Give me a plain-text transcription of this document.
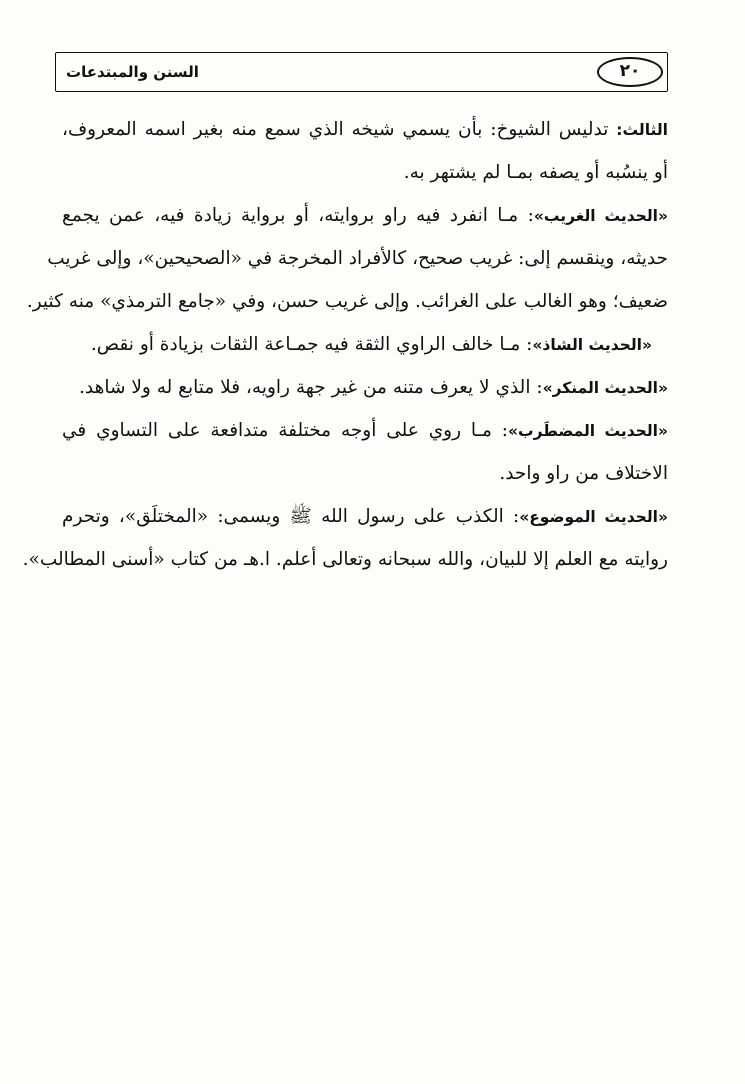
السنن والمبتدعات	٢٠
الثالث: تدليس الشيوخ: بأن يسمي شيخه الذي سمع منه بغير اسمه المعروف،
أو ينسُبه أو يصفه بمـا لم يشتهر به.
«الحديث الغريب»: مـا انفرد فيه راو بروايته، أو برواية زيادة فيه، عمن يجمع
حديثه، وينقسم إلى: غريب صحيح، كالأفراد المخرجة في «الصحيحين»، وإلى غريب
ضعيف؛ وهو الغالب على الغرائب. وإلى غريب حسن، وفي «جامع الترمذي» منه كثير.
«الحديث الشاذ»: مـا خالف الراوي الثقة فيه جمـاعة الثقات بزيادة أو نقص.
«الحديث المنكر»: الذي لا يعرف متنه من غير جهة راويه، فلا متابع له ولا شاهد.
«الحديث المضطَرب»: مـا روي على أوجه مختلفة متدافعة على التساوي في
الاختلاف من راو واحد.
«الحديث الموضوع»: الكذب على رسول الله ﷺ ويسمى: «المختلَق»، وتحرم
روايته مع العلم إلا للبيان، والله سبحانه وتعالى أعلم. ا.هـ من كتاب «أسنى المطالب».
